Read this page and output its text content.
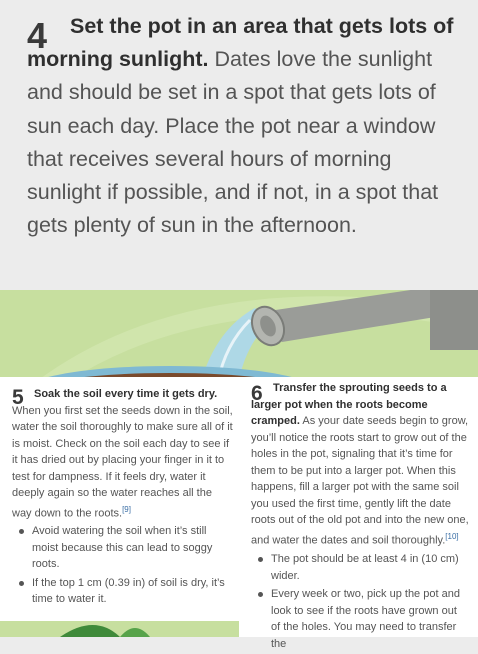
4	Set the pot in an area that gets lots of morning sunlight. Dates love the sunlight and should be set in a spot that gets lots of sun each day. Place the pot near a window that receives several hours of morning sunlight if possible, and if not, in a spot that gets plenty of sun in the afternoon.

5 Soak the soil every time it gets dry. When you first set the seeds down in the soil, water the soil thoroughly to make sure all of it is moist. Check on the soil each day to see if it has dried out by placing your finger in it to test for dampness. If it feels dry, water it deeply again so the water reaches all the way down to the roots.[9]
Avoid watering the soil when it’s still moist because this can lead to soggy roots.
If the top 1 cm (0.39 in) of soil is dry, it’s time to water it.
6 Transfer the sprouting seeds to a larger pot when the roots become cramped. As your date seeds begin to grow, you’ll notice the roots start to grow out of the holes in the pot, signaling that it’s time for them to be put into a larger pot. When this happens, fill a larger pot with the same soil you used the first time, gently lift the date roots out of the old pot and into the new one, and water the dates and soil thoroughly.[10]
The pot should be at least 4 in (10 cm) wider.
Every week or two, pick up the pot and look to see if the roots have grown out of the holes. You may need to transfer the
